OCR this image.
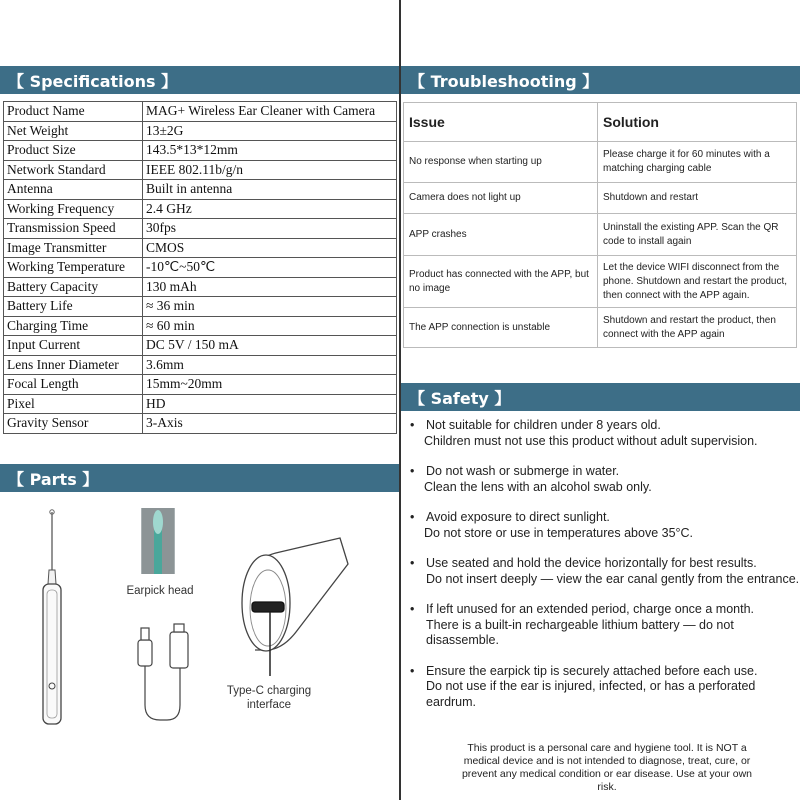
【 Specifications 】
Product Name	MAG+ Wireless Ear Cleaner with Camera
Net Weight	13±2G
Product Size	143.5*13*12mm
Network Standard	IEEE 802.11b/g/n
Antenna	Built in antenna
Working Frequency	2.4 GHz
Transmission Speed	30fps
Image Transmitter	CMOS
Working Temperature	-10℃~50℃
Battery Capacity	130 mAh
Battery Life	≈ 36 min
Charging Time	≈ 60 min
Input Current	DC 5V / 150 mA
Lens Inner Diameter	3.6mm
Focal Length	15mm~20mm
Pixel	HD
Gravity Sensor	3-Axis
【 Parts 】
Earpick head
Type-C charging
interface
【 Troubleshooting 】
Issue	Solution
No response when starting up	Please charge it for 60 minutes with a matching charging cable
Camera does not light up	Shutdown and restart
APP crashes	Uninstall the existing APP. Scan the QR code to install again
Product has connected with the APP, but no image	Let the device WIFI disconnect from the phone. Shutdown and restart the product, then connect with the APP again.
The APP connection is unstable	Shutdown and restart the product, then connect with the APP again
【 Safety 】
• Not suitable for children under 8 years old.
Children must not use this product without adult supervision.
• Do not wash or submerge in water.
Clean the lens with an alcohol swab only.
• Avoid exposure to direct sunlight.
Do not store or use in temperatures above 35°C.
• Use seated and hold the device horizontally for best results.
Do not insert deeply — view the ear canal gently from the entrance.
• If left unused for an extended period, charge once a month.
There is a built-in rechargeable lithium battery — do not disassemble.
• Ensure the earpick tip is securely attached before each use.
Do not use if the ear is injured, infected, or has a perforated eardrum.
This product is a personal care and hygiene tool. It is NOT a medical device and is not intended to diagnose, treat, cure, or prevent any medical condition or ear disease. Use at your own risk.
